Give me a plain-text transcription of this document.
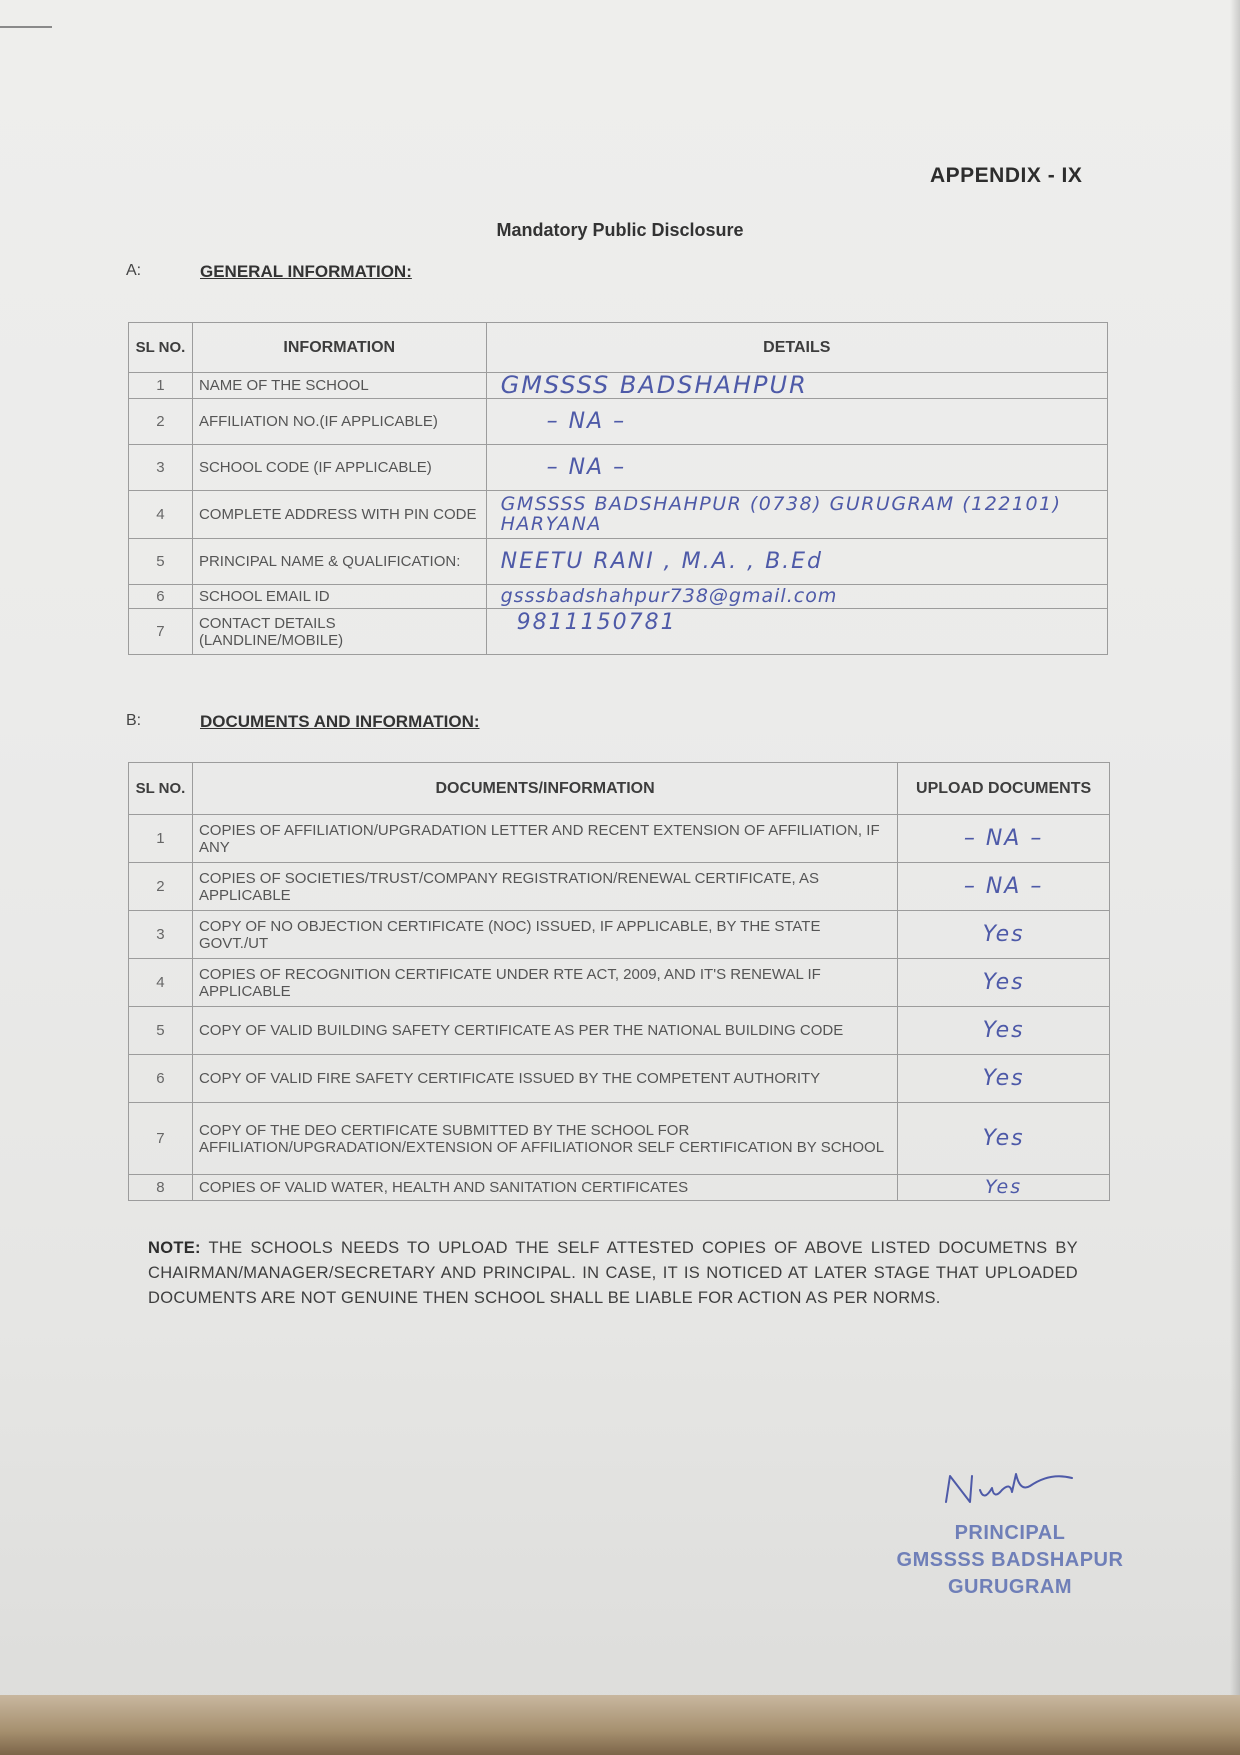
APPENDIX - IX
Mandatory Public Disclosure
A:	GENERAL INFORMATION:
SL NO.	INFORMATION	DETAILS
1	NAME OF THE SCHOOL	GMSSSS BADSHAHPUR
2	AFFILIATION NO.(IF APPLICABLE)	– NA –
3	SCHOOL CODE (IF APPLICABLE)	– NA –
4	COMPLETE ADDRESS WITH PIN CODE	GMSSSS BADSHAHPUR (0738) GURUGRAM (122101) HARYANA
5	PRINCIPAL NAME & QUALIFICATION:	NEETU RANI , M.A. , B.Ed
6	SCHOOL EMAIL ID	gsssbadshahpur738@gmail.com
7	CONTACT DETAILS (LANDLINE/MOBILE)	9811150781
B:	DOCUMENTS AND INFORMATION:
SL NO.	DOCUMENTS/INFORMATION	UPLOAD DOCUMENTS
1	COPIES OF AFFILIATION/UPGRADATION LETTER AND RECENT EXTENSION OF AFFILIATION, IF ANY	– NA –
2	COPIES OF SOCIETIES/TRUST/COMPANY REGISTRATION/RENEWAL CERTIFICATE, AS APPLICABLE	– NA –
3	COPY OF NO OBJECTION CERTIFICATE (NOC) ISSUED, IF APPLICABLE, BY THE STATE GOVT./UT	Yes
4	COPIES OF RECOGNITION CERTIFICATE UNDER RTE ACT, 2009, AND IT'S RENEWAL IF APPLICABLE	Yes
5	COPY OF VALID BUILDING SAFETY CERTIFICATE AS PER THE NATIONAL BUILDING CODE	Yes
6	COPY OF VALID FIRE SAFETY CERTIFICATE ISSUED BY THE COMPETENT AUTHORITY	Yes
7	COPY OF THE DEO CERTIFICATE SUBMITTED BY THE SCHOOL FOR AFFILIATION/UPGRADATION/EXTENSION OF AFFILIATIONOR SELF CERTIFICATION BY SCHOOL	Yes
8	COPIES OF VALID WATER, HEALTH AND SANITATION CERTIFICATES	Yes
NOTE: THE SCHOOLS NEEDS TO UPLOAD THE SELF ATTESTED COPIES OF ABOVE LISTED DOCUMETNS BY CHAIRMAN/MANAGER/SECRETARY AND PRINCIPAL. IN CASE, IT IS NOTICED AT LATER STAGE THAT UPLOADED DOCUMENTS ARE NOT GENUINE THEN SCHOOL SHALL BE LIABLE FOR ACTION AS PER NORMS.
PRINCIPAL
GMSSSS BADSHAPUR
GURUGRAM
